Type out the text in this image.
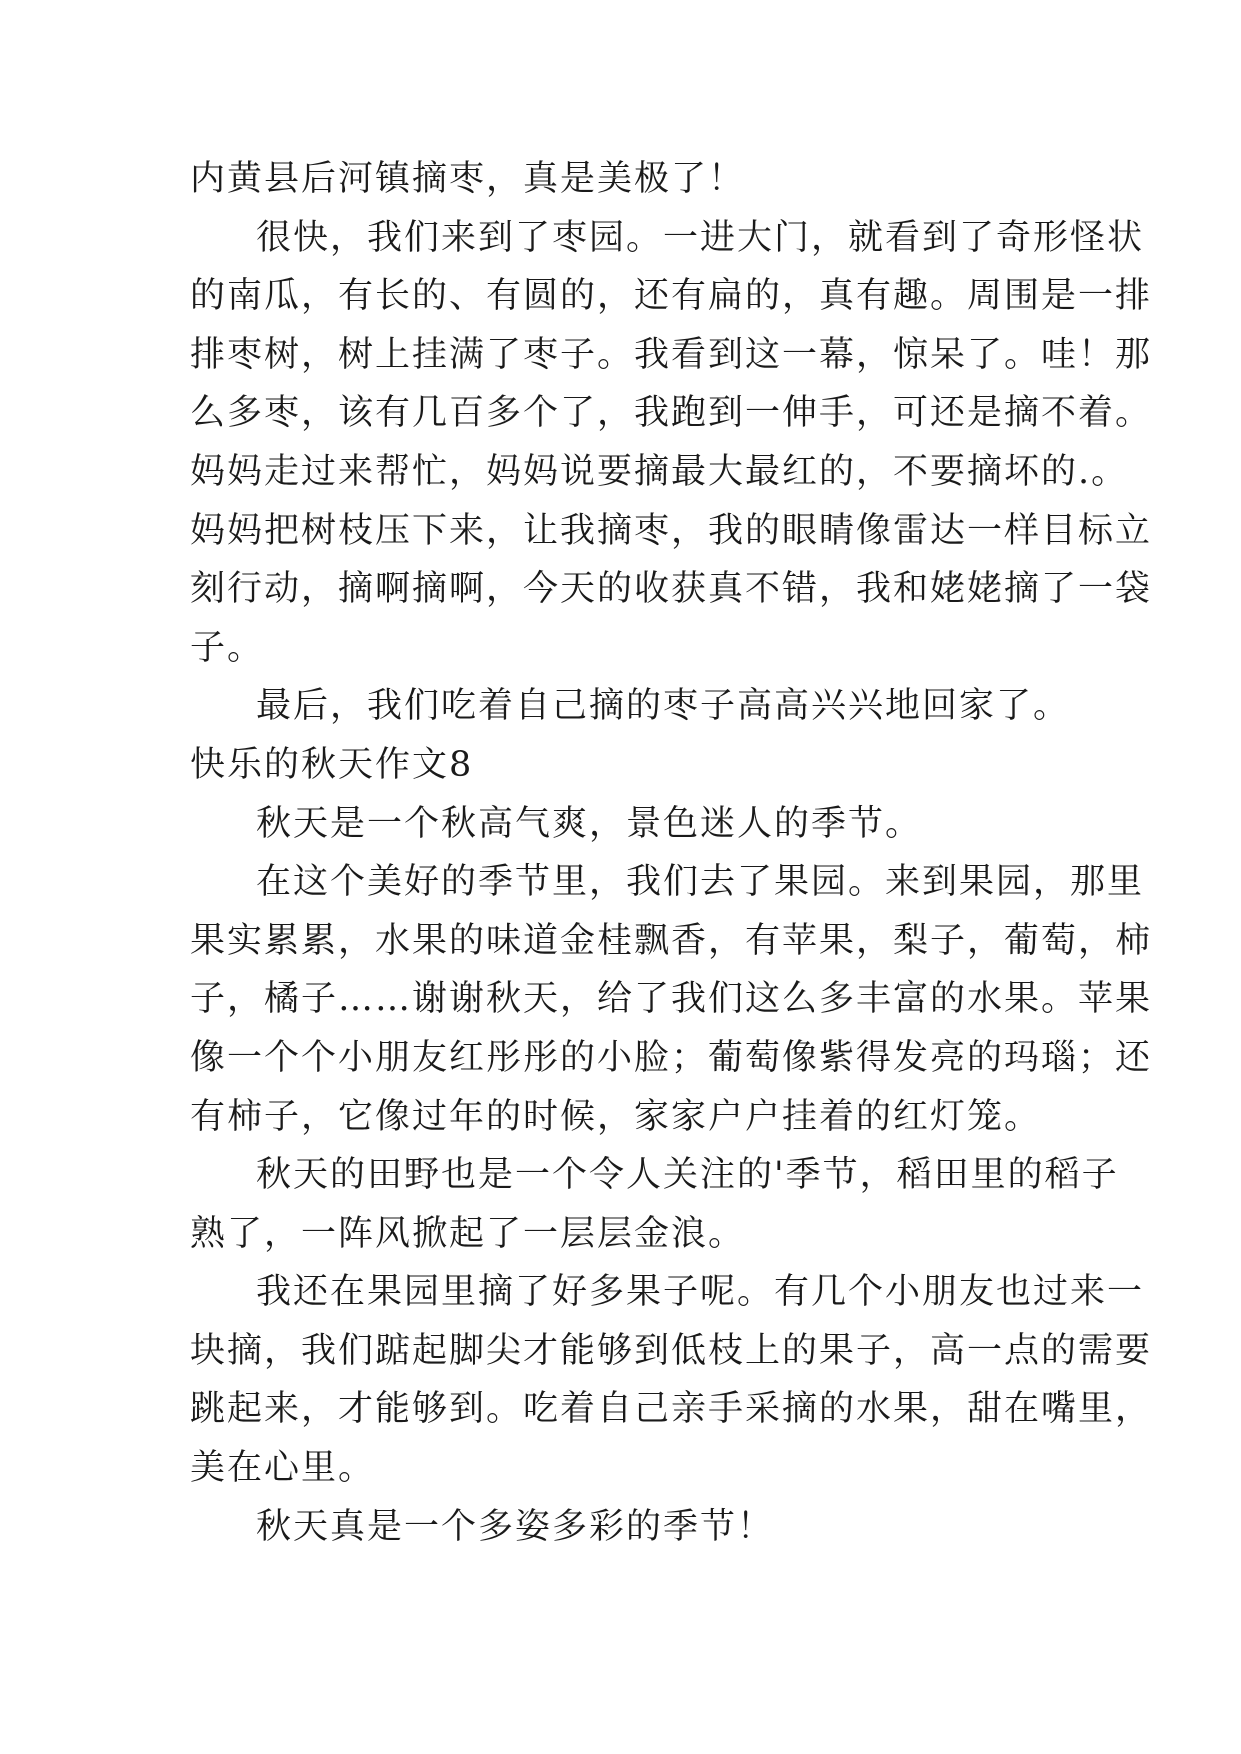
内黄县后河镇摘枣，真是美极了！
很快，我们来到了枣园。一进大门，就看到了奇形怪状
的南瓜，有长的、有圆的，还有扁的，真有趣。周围是一排
排枣树，树上挂满了枣子。我看到这一幕，惊呆了。哇！那
么多枣，该有几百多个了，我跑到一伸手，可还是摘不着。
妈妈走过来帮忙，妈妈说要摘最大最红的，不要摘坏的.。
妈妈把树枝压下来，让我摘枣，我的眼睛像雷达一样目标立
刻行动，摘啊摘啊，今天的收获真不错，我和姥姥摘了一袋
子。
最后，我们吃着自己摘的枣子高高兴兴地回家了。
快乐的秋天作文8
秋天是一个秋高气爽，景色迷人的季节。
在这个美好的季节里，我们去了果园。来到果园，那里
果实累累，水果的味道金桂飘香，有苹果，梨子，葡萄，柿
子，橘子……谢谢秋天，给了我们这么多丰富的水果。苹果
像一个个小朋友红彤彤的小脸；葡萄像紫得发亮的玛瑙；还
有柿子，它像过年的时候，家家户户挂着的红灯笼。
秋天的田野也是一个令人关注的'季节，稻田里的稻子
熟了，一阵风掀起了一层层金浪。
我还在果园里摘了好多果子呢。有几个小朋友也过来一
块摘，我们踮起脚尖才能够到低枝上的果子，高一点的需要
跳起来，才能够到。吃着自己亲手采摘的水果，甜在嘴里，
美在心里。
秋天真是一个多姿多彩的季节！
